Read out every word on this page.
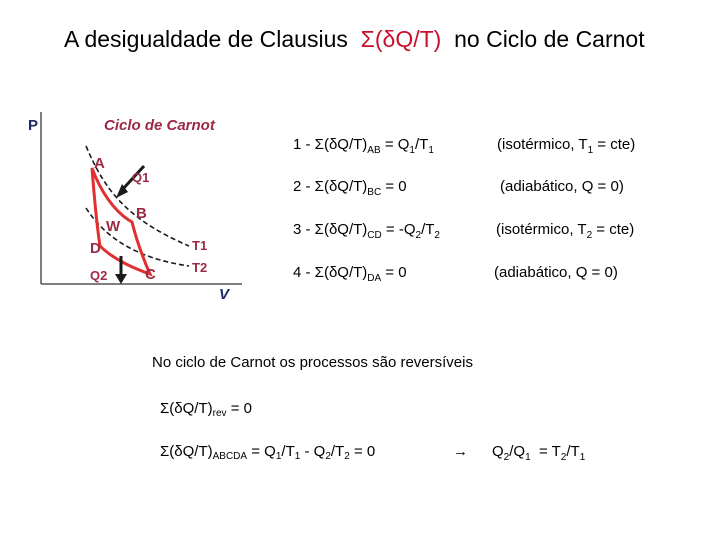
A desigualdade de Clausius Σ(δQ/T) no Ciclo de Carnot
P
V
Ciclo de Carnot
A
B
C
D
W
Q1
Q2
T1
T2
$1 - \Sigma(\delta Q/T)_{AB} = Q_1/T_1$	(isotérmico, $T_1 = cte$)
$2 - \Sigma(\delta Q/T)_{BC} = 0$	(adiabático, Q = 0)
$3 - \Sigma(\delta Q/T)_{CD} = -Q_2/T_2$	(isotérmico, $T_2 = cte$)
$4 - \Sigma(\delta Q/T)_{DA} = 0$	(adiabático, Q = 0)
No ciclo de Carnot os processos são reversíveis
$\Sigma(\delta Q/T)_{rev} = 0$
$\Sigma(\delta Q/T)_{ABCDA} = Q_1/T_1 - Q_2/T_2 = 0$	→ $Q_2/Q_1 = T_2/T_1$
